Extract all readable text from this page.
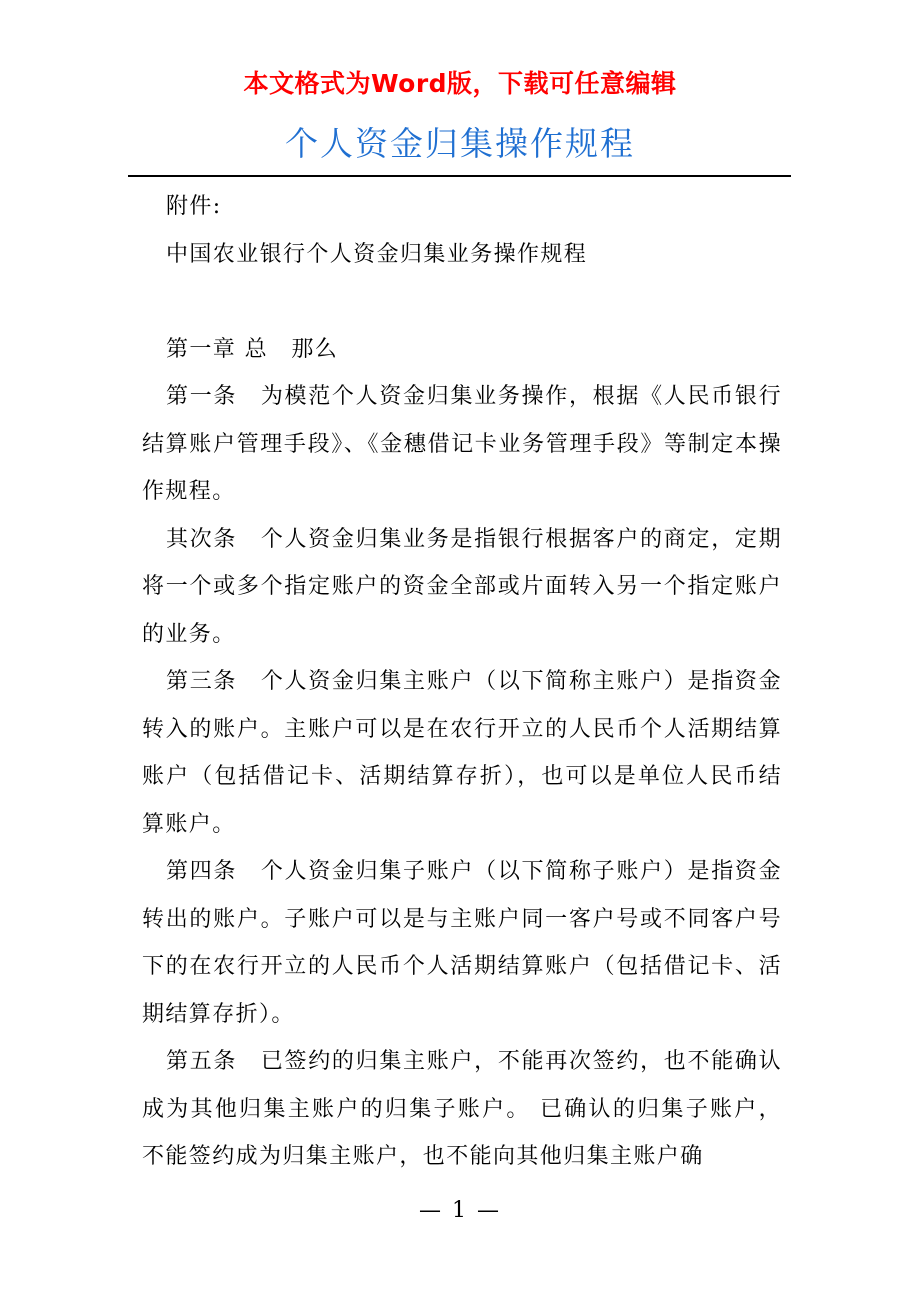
本文格式为Word版，下载可任意编辑
个人资金归集操作规程

附件:

中国农业银行个人资金归集业务操作规程

第一章 总　那么

第一条　为模范个人资金归集业务操作，根据《人民币银行结算账户管理手段》、《金穗借记卡业务管理手段》等制定本操作规程。

其次条　个人资金归集业务是指银行根据客户的商定，定期将一个或多个指定账户的资金全部或片面转入另一个指定账户的业务。

第三条　个人资金归集主账户（以下简称主账户）是指资金转入的账户。主账户可以是在农行开立的人民币个人活期结算账户（包括借记卡、活期结算存折），也可以是单位人民币结算账户。

第四条　个人资金归集子账户（以下简称子账户）是指资金转出的账户。子账户可以是与主账户同一客户号或不同客户号下的在农行开立的人民币个人活期结算账户（包括借记卡、活期结算存折）。

第五条　已签约的归集主账户，不能再次签约，也不能确认成为其他归集主账户的归集子账户。 已确认的归集子账户，不能签约成为归集主账户，也不能向其他归集主账户确

— 1 —
